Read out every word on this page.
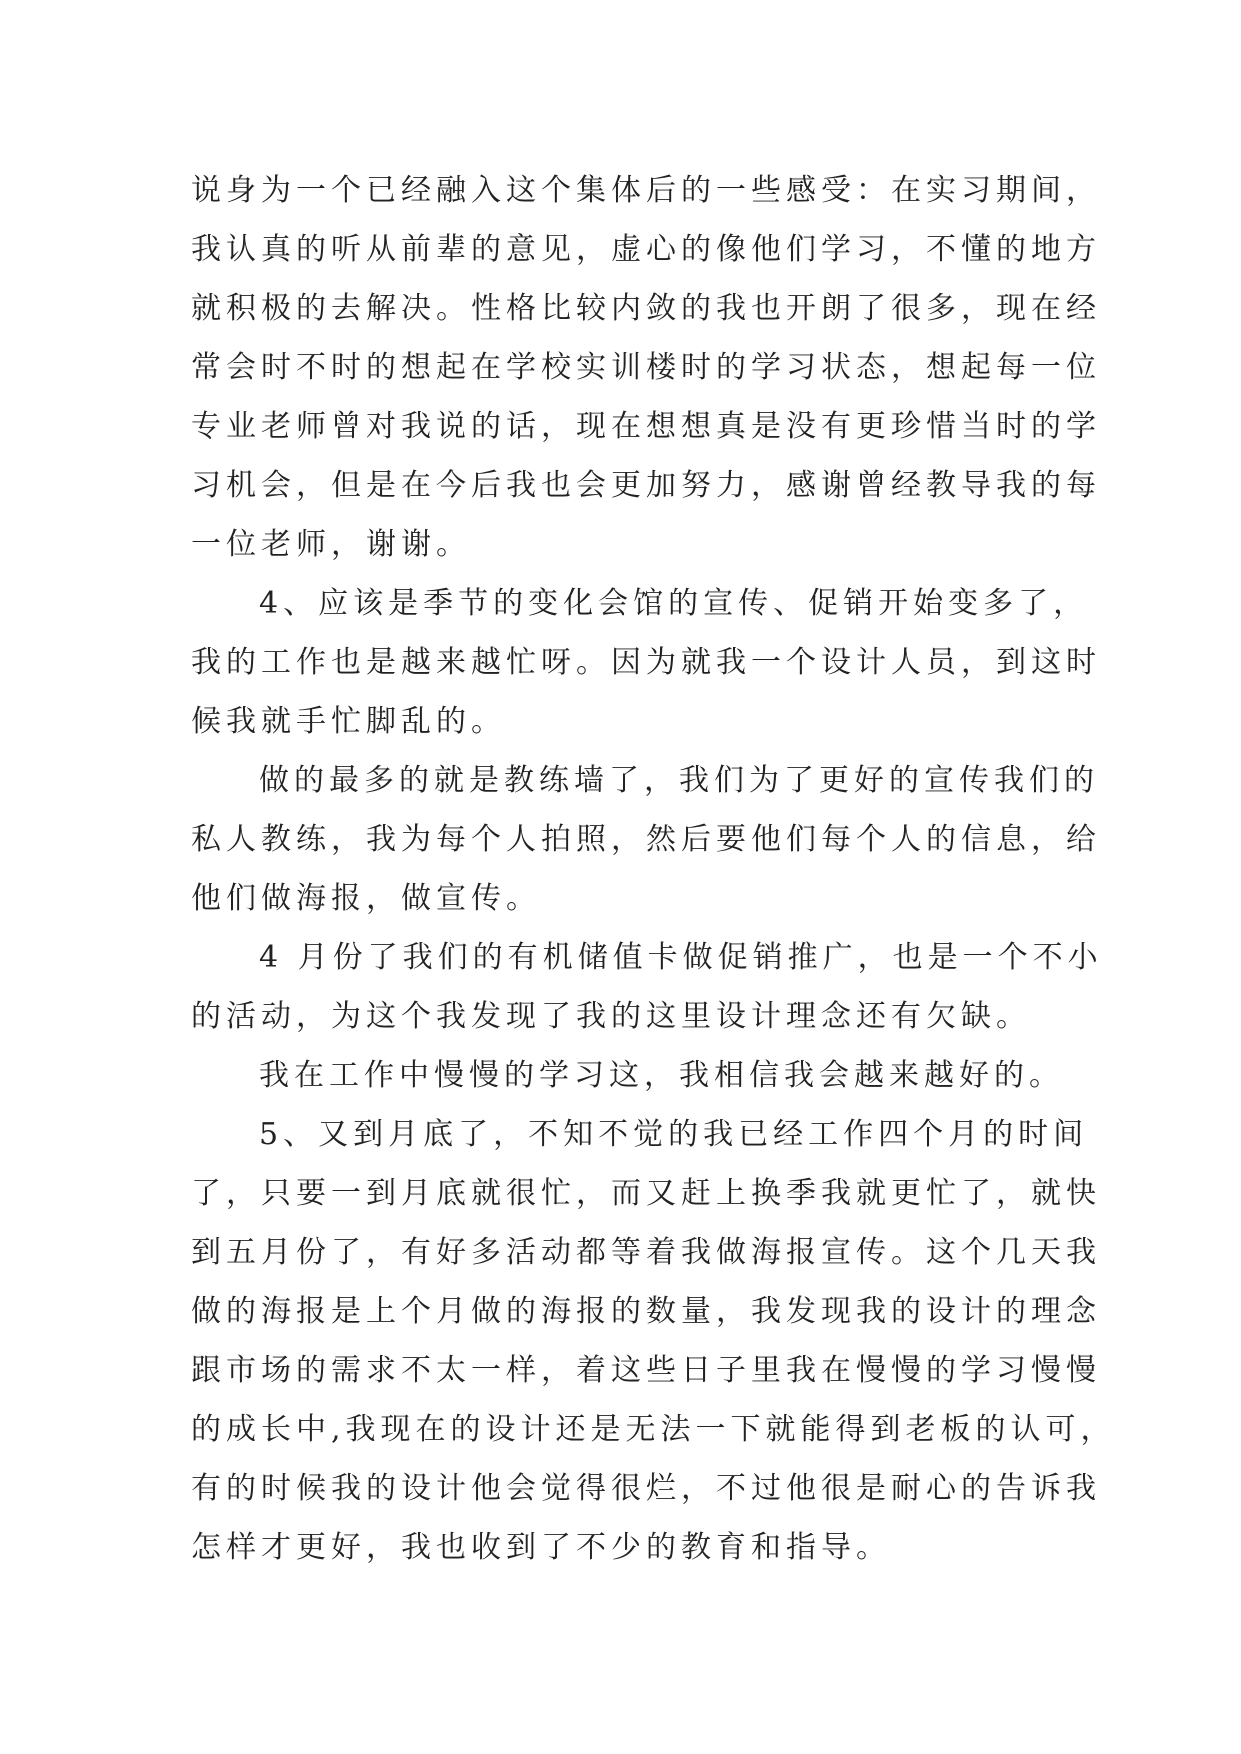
说身为一个已经融入这个集体后的一些感受：在实习期间，
我认真的听从前辈的意见，虚心的像他们学习，不懂的地方
就积极的去解决。性格比较内敛的我也开朗了很多，现在经
常会时不时的想起在学校实训楼时的学习状态，想起每一位
专业老师曾对我说的话，现在想想真是没有更珍惜当时的学
习机会，但是在今后我也会更加努力，感谢曾经教导我的每
一位老师，谢谢。
4、应该是季节的变化会馆的宣传、促销开始变多了，
我的工作也是越来越忙呀。因为就我一个设计人员，到这时
候我就手忙脚乱的。
做的最多的就是教练墙了，我们为了更好的宣传我们的
私人教练，我为每个人拍照，然后要他们每个人的信息，给
他们做海报，做宣传。
4 月份了我们的有机储值卡做促销推广，也是一个不小
的活动，为这个我发现了我的这里设计理念还有欠缺。
我在工作中慢慢的学习这，我相信我会越来越好的。
5、又到月底了，不知不觉的我已经工作四个月的时间
了，只要一到月底就很忙，而又赶上换季我就更忙了，就快
到五月份了，有好多活动都等着我做海报宣传。这个几天我
做的海报是上个月做的海报的数量，我发现我的设计的理念
跟市场的需求不太一样，着这些日子里我在慢慢的学习慢慢
的成长中,我现在的设计还是无法一下就能得到老板的认可，
有的时候我的设计他会觉得很烂，不过他很是耐心的告诉我
怎样才更好，我也收到了不少的教育和指导。
